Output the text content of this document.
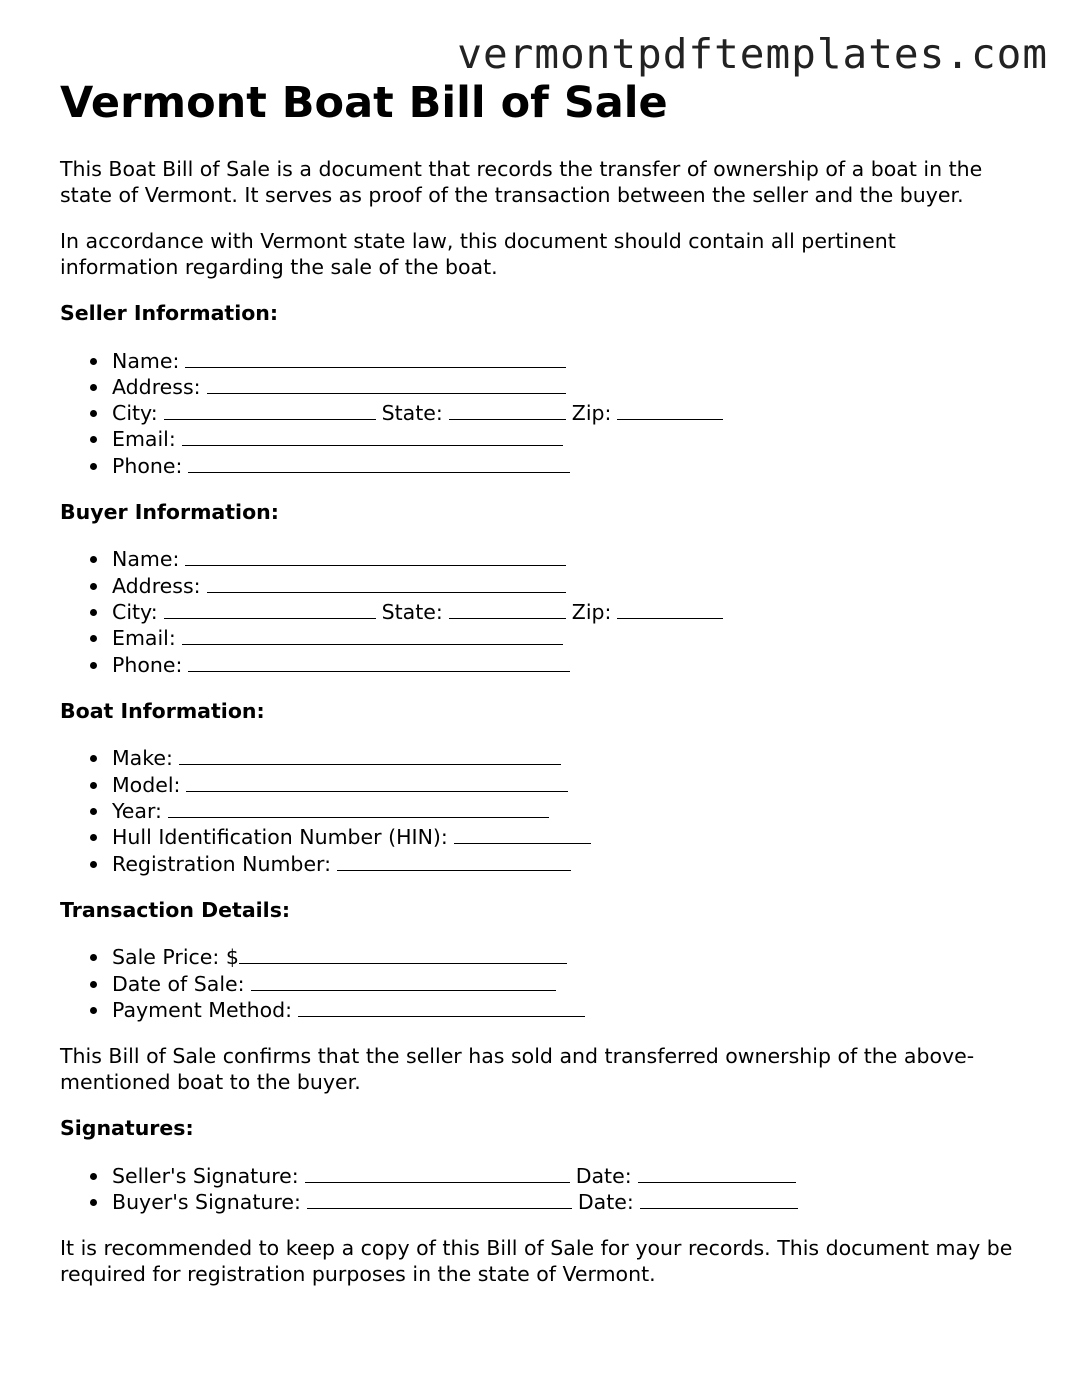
vermontpdftemplates.com
Vermont Boat Bill of Sale

This Boat Bill of Sale is a document that records the transfer of ownership of a boat in the state of Vermont. It serves as proof of the transaction between the seller and the buyer.

In accordance with Vermont state law, this document should contain all pertinent information regarding the sale of the boat.

Seller Information:
Name:
Address:
City:	State:	Zip:
Email:
Phone:
Buyer Information:
Name:
Address:
City:	State:	Zip:
Email:
Phone:
Boat Information:
Make:
Model:
Year:
Hull Identification Number (HIN):
Registration Number:
Transaction Details:
Sale Price: $
Date of Sale:
Payment Method:

This Bill of Sale confirms that the seller has sold and transferred ownership of the above-mentioned boat to the buyer.

Signatures:
Seller's Signature:	Date:
Buyer's Signature:	Date:

It is recommended to keep a copy of this Bill of Sale for your records. This document may be required for registration purposes in the state of Vermont.
